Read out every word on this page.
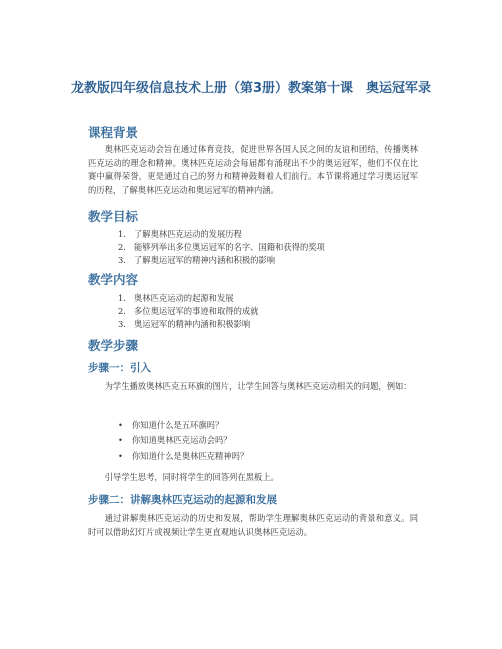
龙教版四年级信息技术上册（第3册）教案第十课　奥运冠军录
课程背景
奥林匹克运动会旨在通过体育竞技，促进世界各国人民之间的友谊和团结，传播奥林匹克运动的理念和精神。奥林匹克运动会每届都有涌现出不少的奥运冠军，他们不仅在比赛中赢得荣誉，更是通过自己的努力和精神鼓舞着人们前行。本节课将通过学习奥运冠军的历程，了解奥林匹克运动和奥运冠军的精神内涵。
教学目标
1. 了解奥林匹克运动的发展历程
2. 能够列举出多位奥运冠军的名字、国籍和获得的奖项
3. 了解奥运冠军的精神内涵和积极的影响
教学内容
1. 奥林匹克运动的起源和发展
2. 多位奥运冠军的事迹和取得的成就
3. 奥运冠军的精神内涵和积极影响
教学步骤
步骤一：引入
为学生播放奥林匹克五环旗的图片，让学生回答与奥林匹克运动相关的问题，例如：
• 你知道什么是五环旗吗？
• 你知道奥林匹克运动会吗？
• 你知道什么是奥林匹克精神吗？
引导学生思考，同时将学生的回答列在黑板上。
步骤二：讲解奥林匹克运动的起源和发展
通过讲解奥林匹克运动的历史和发展，帮助学生理解奥林匹克运动的背景和意义。同时可以借助幻灯片或视频让学生更直观地认识奥林匹克运动。
